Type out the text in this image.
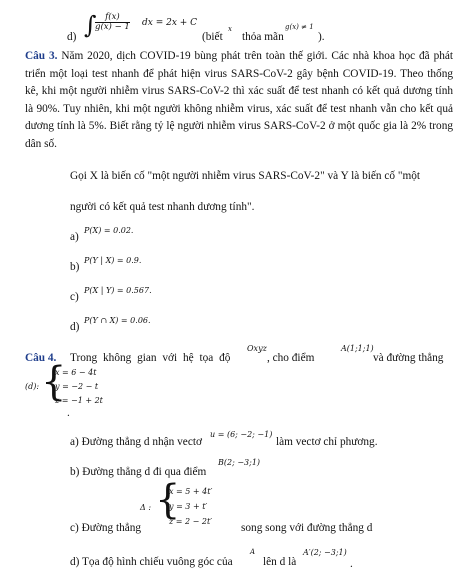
d) ∫
$\frac{f(x)}{g(x) - 1}$ dx = 2x + C
(biết
x
thỏa mãn
g(x) ≠ 1
).
Câu 3. Năm 2020, dịch COVID-19 bùng phát trên toàn thế giới. Các nhà khoa học đã phát triển một loại test nhanh để phát hiện virus SARS-CoV-2 gây bệnh COVID-19. Theo thống kê, khi một người nhiễm virus SARS-CoV-2 thì xác suất để test nhanh có kết quả dương tính là 90%. Tuy nhiên, khi một người không nhiễm virus, xác suất để test nhanh vẫn cho kết quả dương tính là 5%. Biết rằng tỷ lệ người nhiễm virus SARS-CoV-2 ở một quốc gia là 2% trong dân số.
Gọi X là biến cố "một người nhiễm virus SARS-CoV-2" và Y là biến cố "một
người có kết quả test nhanh dương tính".
a)
P(X) = 0.02.
b)
P(Y | X) = 0.9.
c)
P(X | Y) = 0.567.
d)
P(Y ∩ X) = 0.06.
Câu 4. Trong không gian với hệ tọa độ
Oxyz
, cho điểm
A(1;1;1)
và đường thẳng
(d): {
x = 6 − 4t
y = −2 − t
z = −1 + 2t
.
a) Đường thẳng d nhận vectơ
u = (6; −2; −1)
làm vectơ chỉ phương.
b) Đường thẳng d đi qua điểm
B(2; −3;1)
c) Đường thẳng
Δ : {
x = 5 + 4t′
y = 3 + t′
z = 2 − 2t′
song song với đường thẳng d
d) Tọa độ hình chiếu vuông góc của
A
lên d là
A′(2; −3;1)
.
